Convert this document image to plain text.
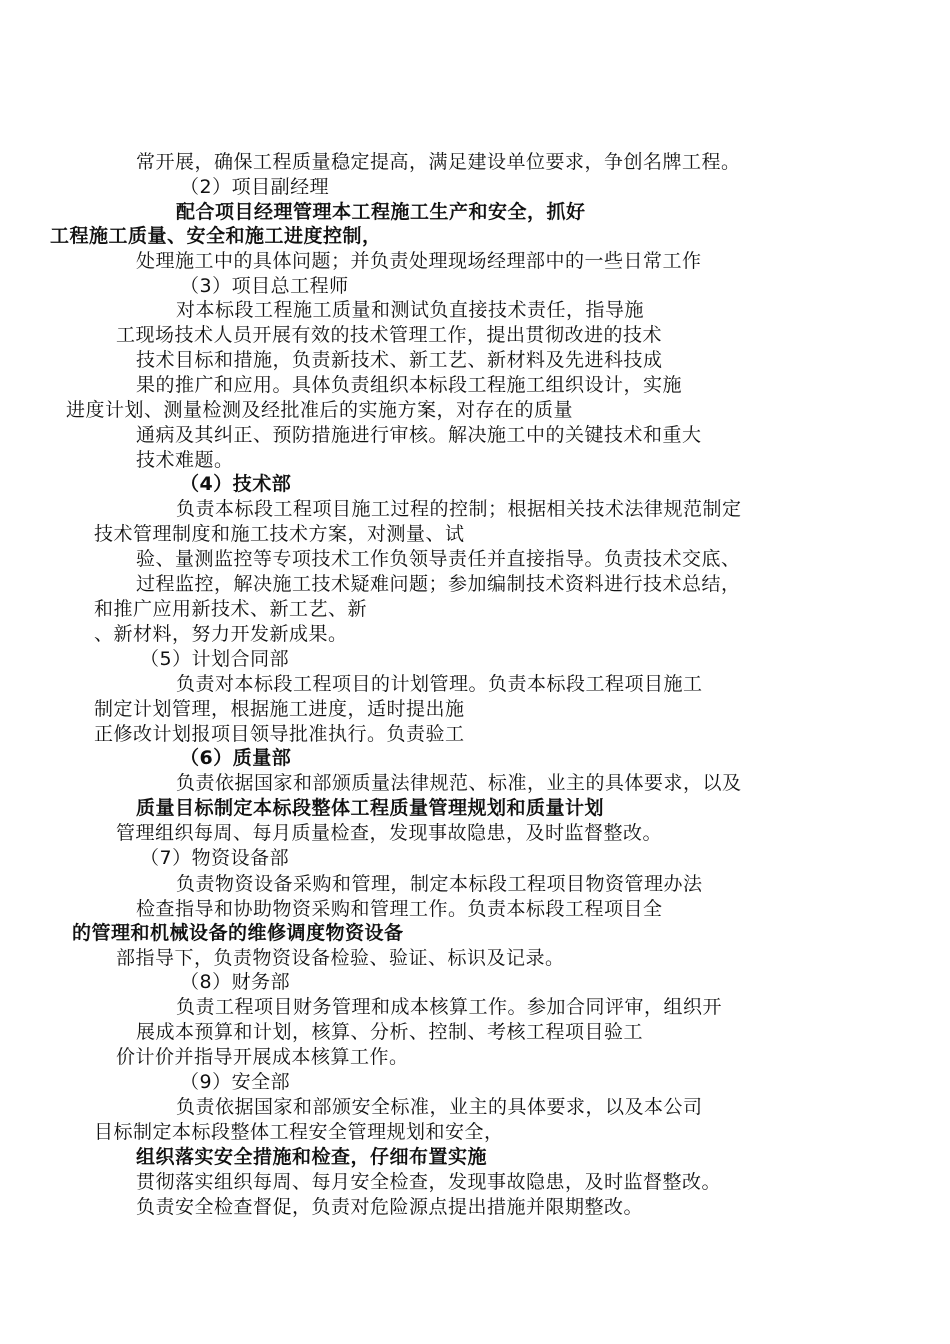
常开展，确保工程质量稳定提高，满足建设单位要求，争创名牌工程。
（2）项目副经理
配合项目经理管理本工程施工生产和安全，抓好
工程施工质量、安全和施工进度控制，
处理施工中的具体问题；并负责处理现场经理部中的一些日常工作
（3）项目总工程师
对本标段工程施工质量和测试负直接技术责任，指导施
工现场技术人员开展有效的技术管理工作，提出贯彻改进的技术
技术目标和措施，负责新技术、新工艺、新材料及先进科技成
果的推广和应用。具体负责组织本标段工程施工组织设计，实施
进度计划、测量检测及经批准后的实施方案，对存在的质量
通病及其纠正、预防措施进行审核。解决施工中的关键技术和重大
技术难题。
（4）技术部
负责本标段工程项目施工过程的控制；根据相关技术法律规范制定
技术管理制度和施工技术方案，对测量、试
验、量测监控等专项技术工作负领导责任并直接指导。负责技术交底、
过程监控，解决施工技术疑难问题；参加编制技术资料进行技术总结，
和推广应用新技术、新工艺、新
、新材料，努力开发新成果。
（5）计划合同部
负责对本标段工程项目的计划管理。负责本标段工程项目施工
制定计划管理，根据施工进度，适时提出施
正修改计划报项目领导批准执行。负责验工
（6）质量部
负责依据国家和部颁质量法律规范、标准，业主的具体要求，以及
质量目标制定本标段整体工程质量管理规划和质量计划
管理组织每周、每月质量检查，发现事故隐患，及时监督整改。
（7）物资设备部
负责物资设备采购和管理，制定本标段工程项目物资管理办法
检查指导和协助物资采购和管理工作。负责本标段工程项目全
的管理和机械设备的维修调度物资设备
部指导下，负责物资设备检验、验证、标识及记录。
（8）财务部
负责工程项目财务管理和成本核算工作。参加合同评审，组织开
展成本预算和计划，核算、分析、控制、考核工程项目验工
价计价并指导开展成本核算工作。
（9）安全部
负责依据国家和部颁安全标准，业主的具体要求，以及本公司
目标制定本标段整体工程安全管理规划和安全，
组织落实安全措施和检查，仔细布置实施
贯彻落实组织每周、每月安全检查，发现事故隐患，及时监督整改。
负责安全检查督促，负责对危险源点提出措施并限期整改。
